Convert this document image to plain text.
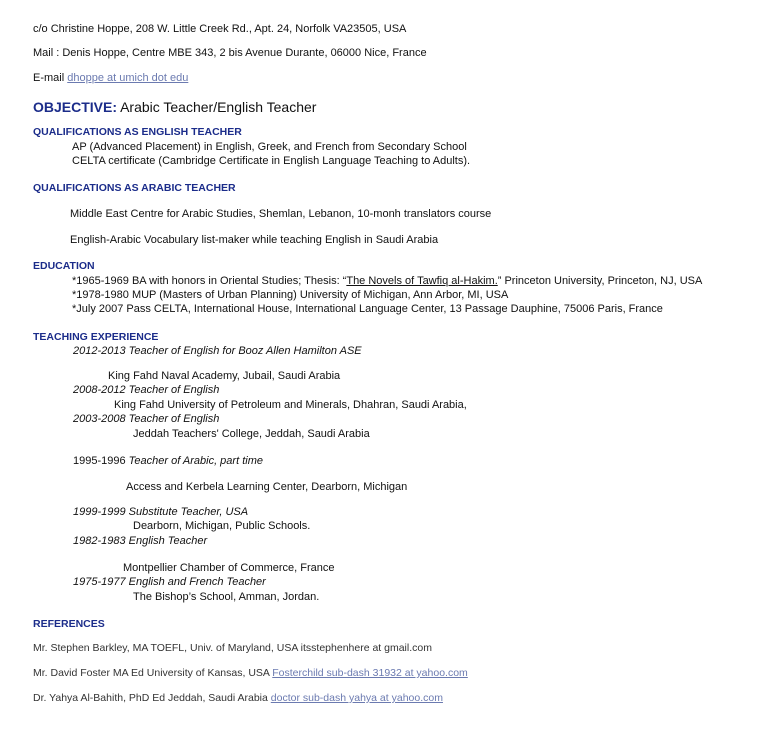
c/o Christine Hoppe, 208 W. Little Creek Rd., Apt. 24, Norfolk VA23505, USA
Mail : Denis Hoppe, Centre MBE 343, 2 bis Avenue Durante, 06000 Nice, France
E-mail dhoppe at umich dot edu
OBJECTIVE: Arabic Teacher/English Teacher
QUALIFICATIONS AS ENGLISH TEACHER
AP (Advanced Placement) in English, Greek, and French from Secondary School
CELTA certificate (Cambridge Certificate in English Language Teaching to Adults).
QUALIFICATIONS AS ARABIC TEACHER
Middle East Centre for Arabic Studies, Shemlan, Lebanon, 10-monh translators course
English-Arabic Vocabulary list-maker while teaching English in Saudi Arabia
EDUCATION
*1965-1969 BA with honors in Oriental Studies; Thesis: “The Novels of Tawfiq al-Hakim.” Princeton University, Princeton, NJ, USA
*1978-1980 MUP (Masters of Urban Planning) University of Michigan, Ann Arbor, MI, USA
*July 2007 Pass CELTA, International House, International Language Center, 13 Passage Dauphine, 75006 Paris, France
TEACHING EXPERIENCE
2012-2013 Teacher of English for Booz Allen Hamilton ASE
King Fahd Naval Academy, Jubail, Saudi Arabia
2008-2012 Teacher of English
King Fahd University of Petroleum and Minerals, Dhahran, Saudi Arabia,
2003-2008 Teacher of English
Jeddah Teachers' College, Jeddah, Saudi Arabia
1995-1996 Teacher of Arabic, part time
Access and Kerbela Learning Center, Dearborn, Michigan
1999-1999 Substitute Teacher, USA
Dearborn, Michigan, Public Schools.
1982-1983 English Teacher
Montpellier Chamber of Commerce, France
1975-1977 English and French Teacher
The Bishop’s School, Amman, Jordan.
REFERENCES
Mr. Stephen Barkley, MA TOEFL, Univ. of Maryland, USA itsstephenhere at gmail.com
Mr. David Foster MA Ed University of Kansas, USA Fosterchild sub-dash 31932 at yahoo.com
Dr. Yahya Al-Bahith, PhD Ed Jeddah, Saudi Arabia doctor sub-dash yahya at yahoo.com
